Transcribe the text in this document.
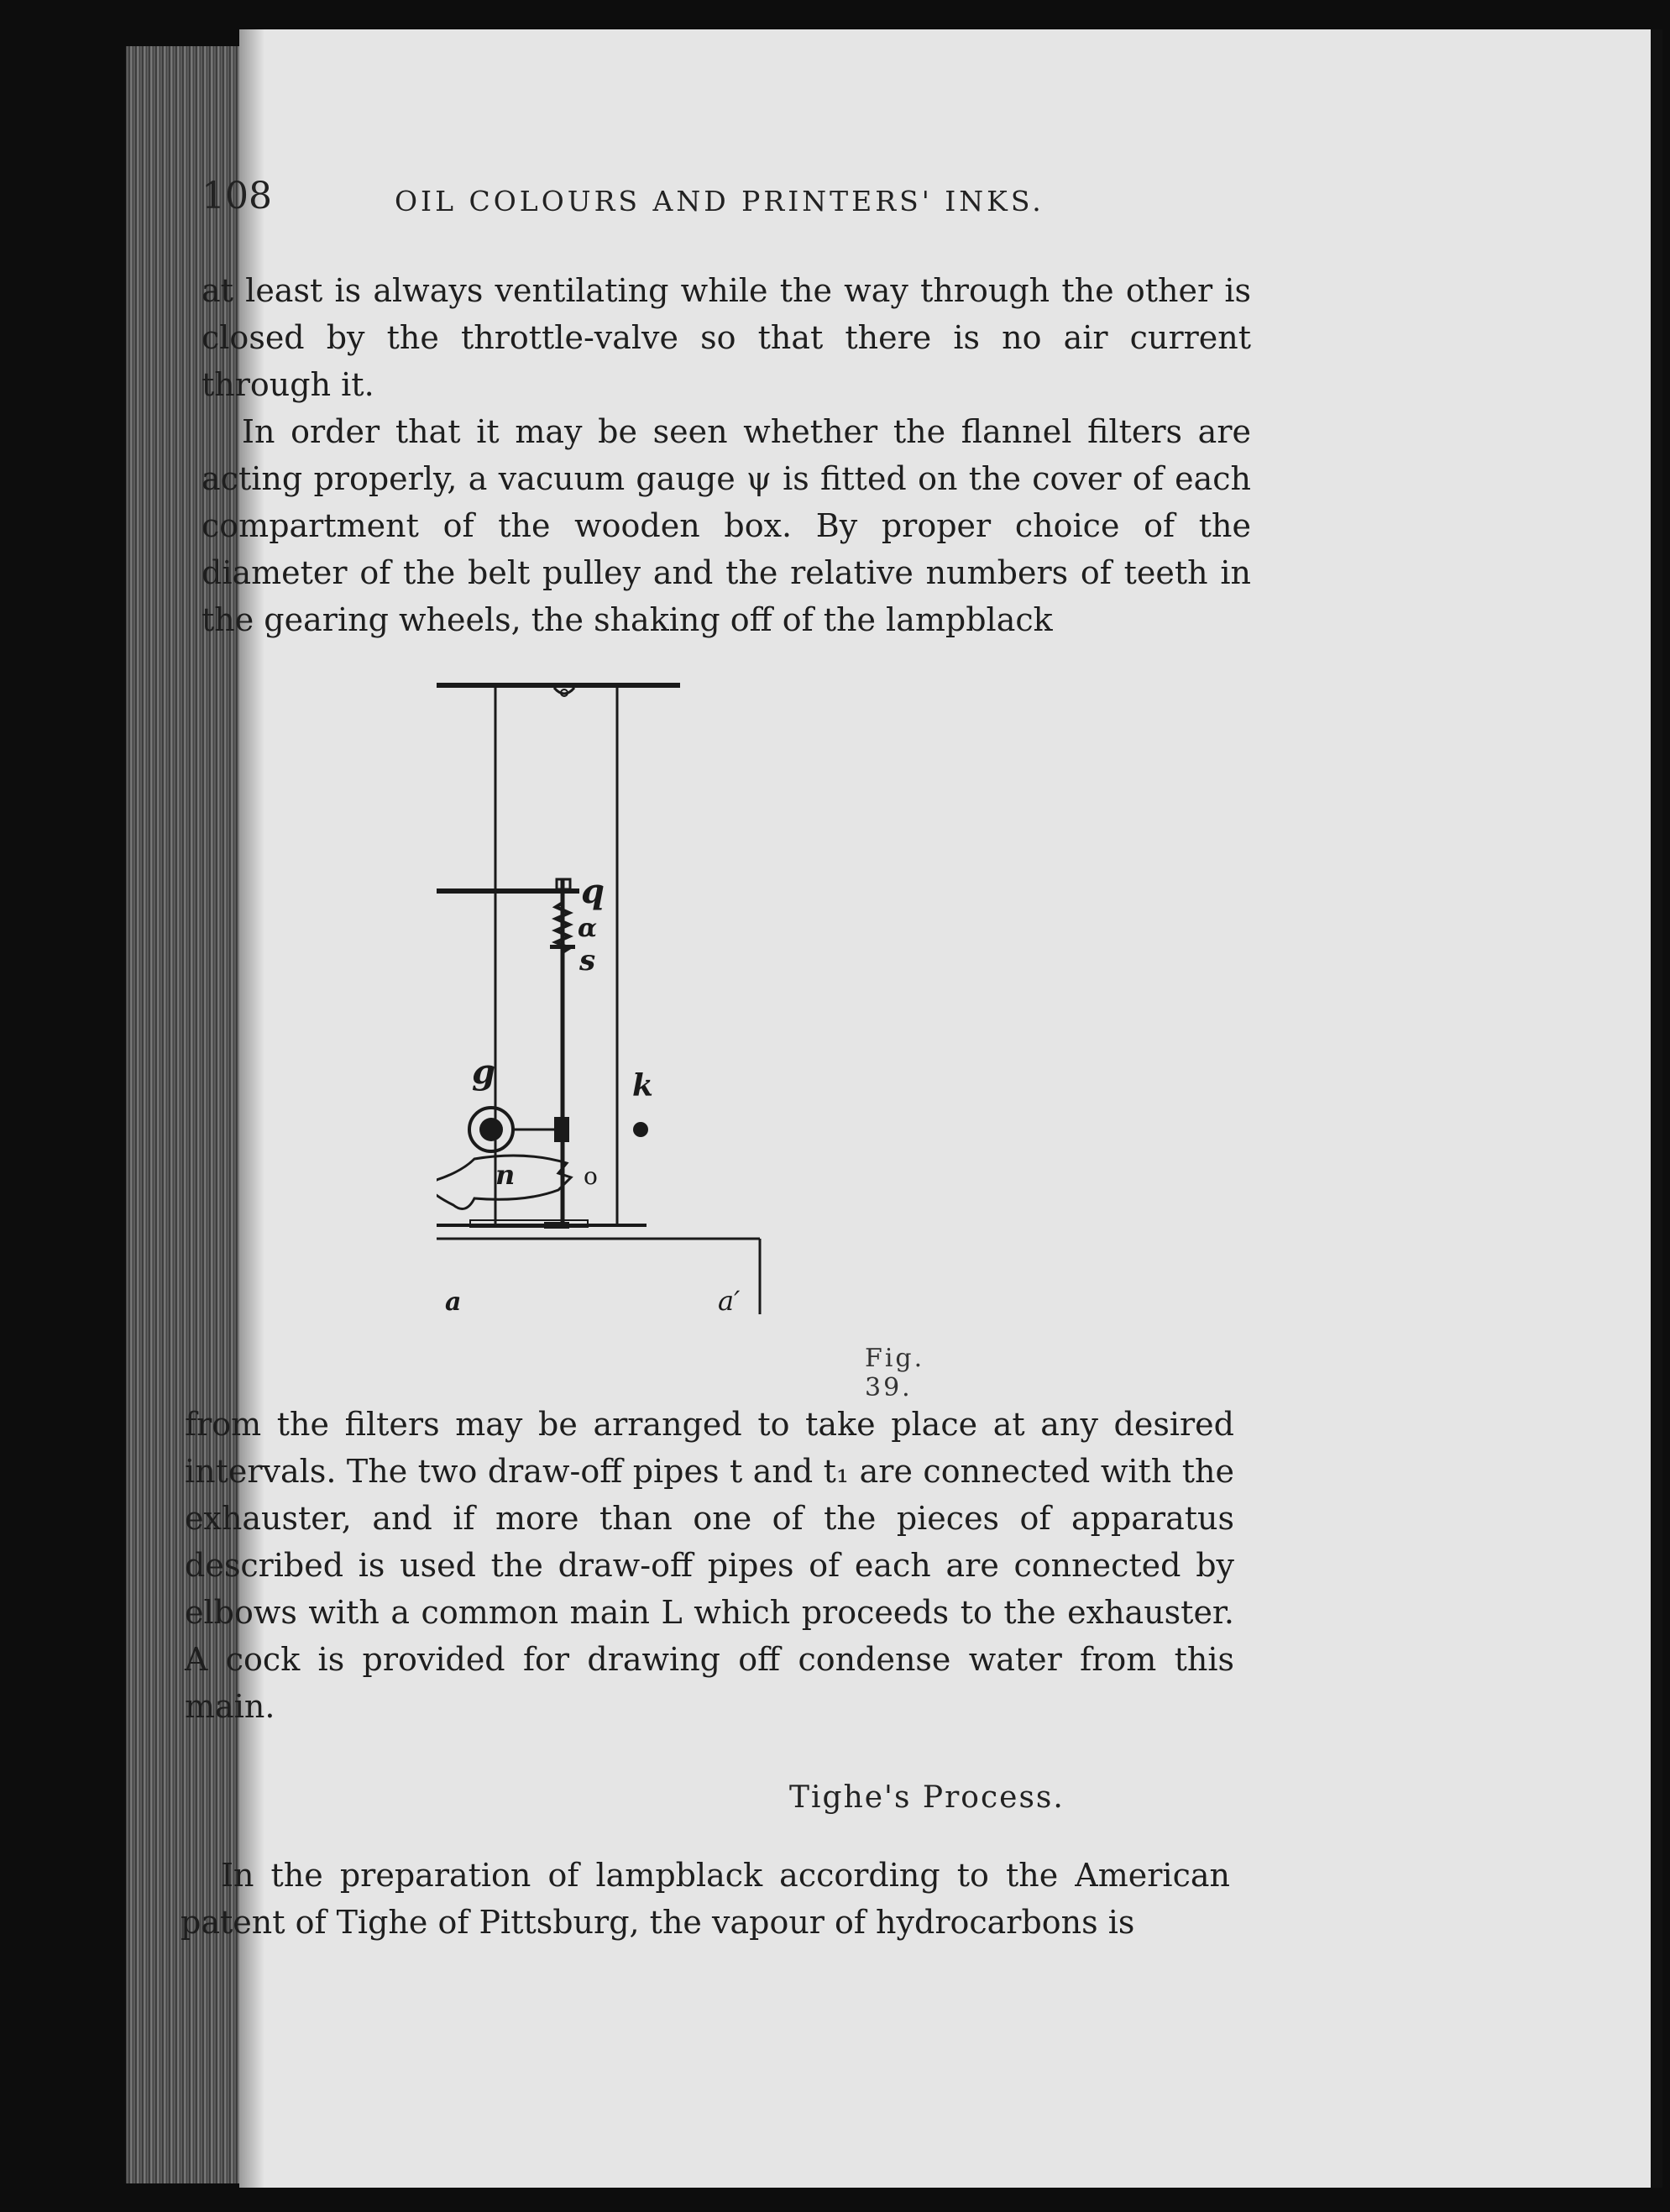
108	OIL COLOURS AND PRINTERS' INKS.

at least is always ventilating while the way through the other is closed by the throttle-valve so that there is no air current through it.

In order that it may be seen whether the flannel filters are acting properly, a vacuum gauge ψ is fitted on the cover of each compartment of the wooden box. By proper choice of the diameter of the belt pulley and the relative numbers of teeth in the gearing wheels, the shaking off of the lampblack

q
α
s
g	k
n	o
a	a′
Fig. 39.

from the filters may be arranged to take place at any desired intervals. The two draw-off pipes t and t₁ are connected with the exhauster, and if more than one of the pieces of apparatus described is used the draw-off pipes of each are connected by elbows with a common main L which proceeds to the exhauster. A cock is provided for drawing off condense water from this main.

Tighe's Process.

In the preparation of lampblack according to the American patent of Tighe of Pittsburg, the vapour of hydrocarbons is
